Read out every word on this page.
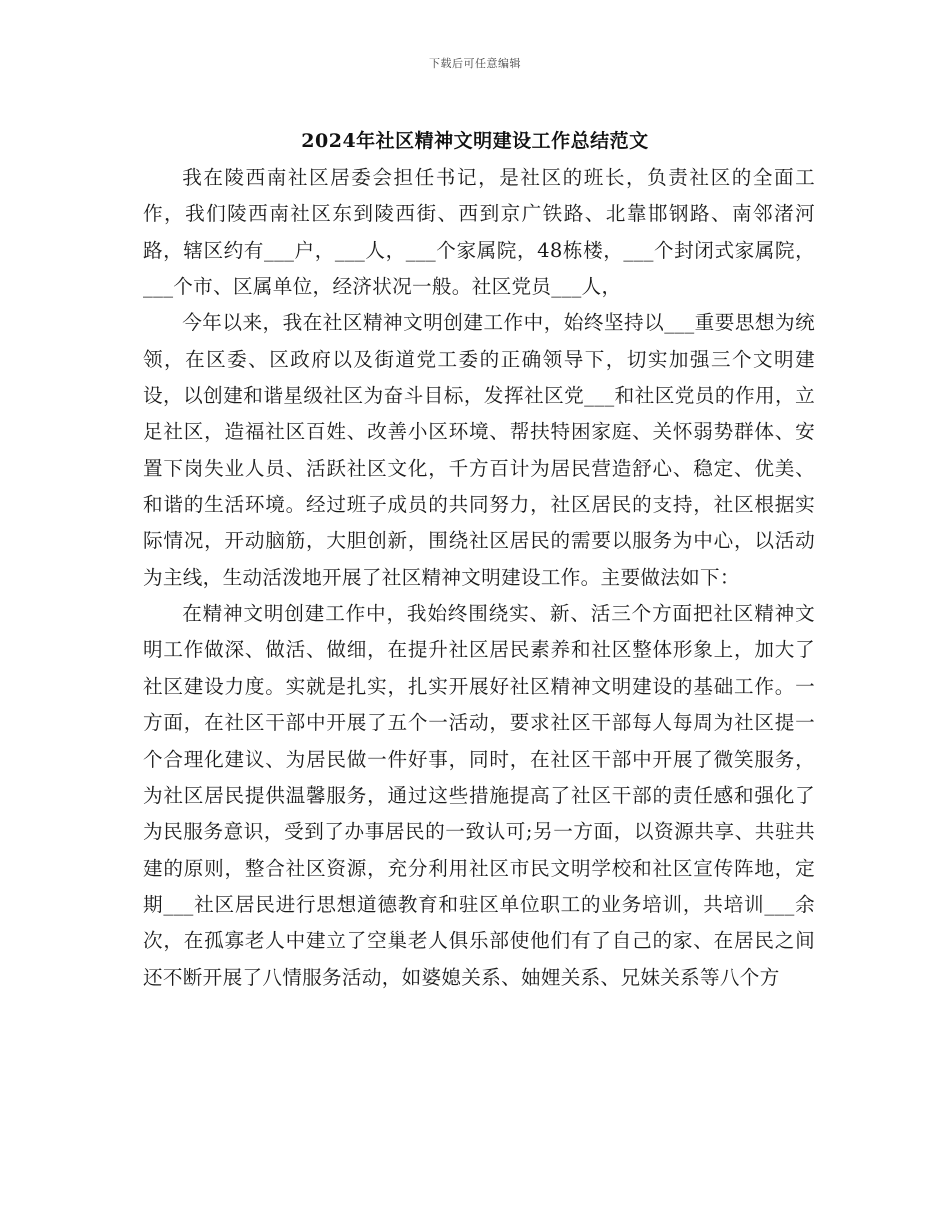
下载后可任意编辑
2024年社区精神文明建设工作总结范文

我在陵西南社区居委会担任书记，是社区的班长，负责社区的全面工作，我们陵西南社区东到陵西街、西到京广铁路、北靠邯钢路、南邻渚河路，辖区约有___户，___人，___个家属院，48栋楼，___个封闭式家属院，___个市、区属单位，经济状况一般。社区党员___人，

今年以来，我在社区精神文明创建工作中，始终坚持以___重要思想为统领，在区委、区政府以及街道党工委的正确领导下，切实加强三个文明建设，以创建和谐星级社区为奋斗目标，发挥社区党___和社区党员的作用，立足社区，造福社区百姓、改善小区环境、帮扶特困家庭、关怀弱势群体、安置下岗失业人员、活跃社区文化，千方百计为居民营造舒心、稳定、优美、和谐的生活环境。经过班子成员的共同努力，社区居民的支持，社区根据实际情况，开动脑筋，大胆创新，围绕社区居民的需要以服务为中心，以活动为主线，生动活泼地开展了社区精神文明建设工作。主要做法如下：

在精神文明创建工作中，我始终围绕实、新、活三个方面把社区精神文明工作做深、做活、做细，在提升社区居民素养和社区整体形象上，加大了社区建设力度。实就是扎实，扎实开展好社区精神文明建设的基础工作。一方面，在社区干部中开展了五个一活动，要求社区干部每人每周为社区提一个合理化建议、为居民做一件好事，同时，在社区干部中开展了微笑服务，为社区居民提供温馨服务，通过这些措施提高了社区干部的责任感和强化了为民服务意识，受到了办事居民的一致认可;另一方面，以资源共享、共驻共建的原则，整合社区资源，充分利用社区市民文明学校和社区宣传阵地，定期___社区居民进行思想道德教育和驻区单位职工的业务培训，共培训___余次，在孤寡老人中建立了空巢老人俱乐部使他们有了自己的家、在居民之间还不断开展了八情服务活动，如婆媳关系、妯娌关系、兄妹关系等八个方
